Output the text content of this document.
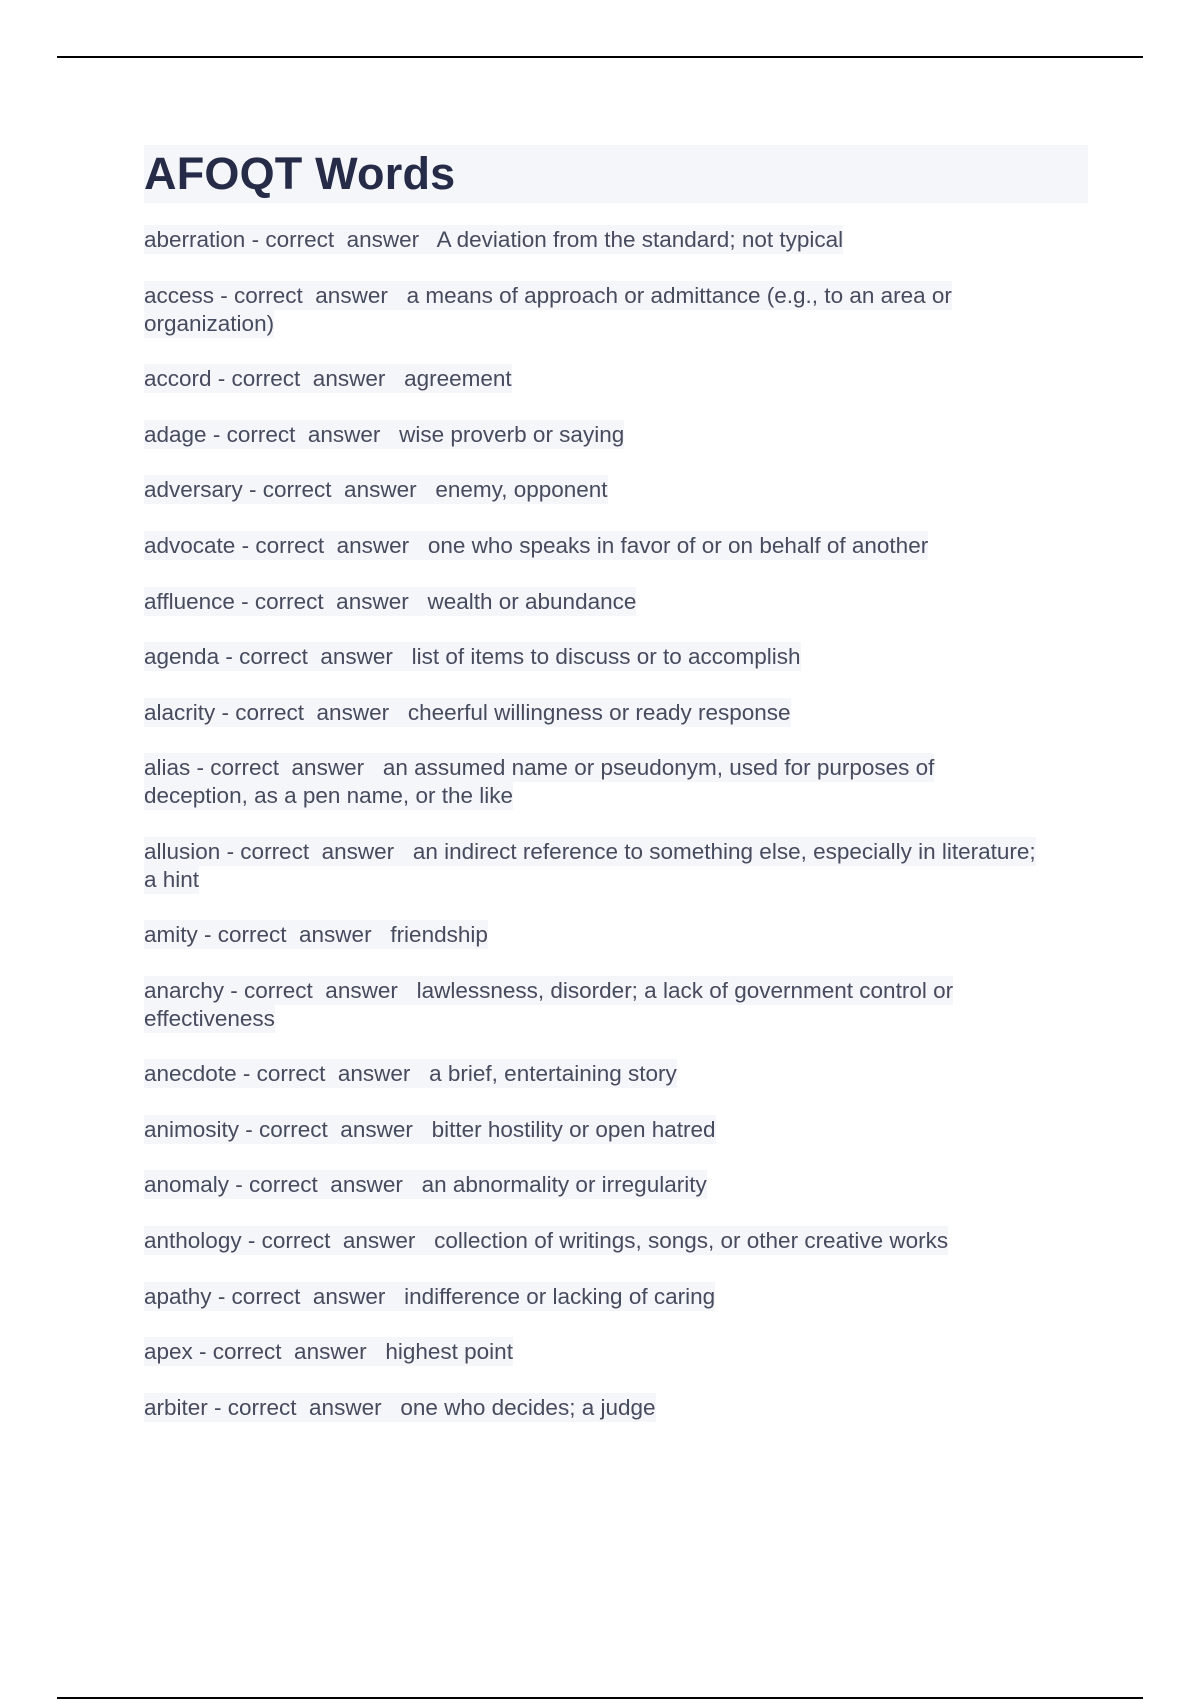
AFOQT Words

aberration - correct  answer   A deviation from the standard; not typical

access - correct  answer   a means of approach or admittance (e.g., to an area or organization)

accord - correct  answer   agreement

adage - correct  answer   wise proverb or saying

adversary - correct  answer   enemy, opponent

advocate - correct  answer   one who speaks in favor of or on behalf of another

affluence - correct  answer   wealth or abundance

agenda - correct  answer   list of items to discuss or to accomplish

alacrity - correct  answer   cheerful willingness or ready response

alias - correct  answer   an assumed name or pseudonym, used for purposes of deception, as a pen name, or the like

allusion - correct  answer   an indirect reference to something else, especially in literature; a hint

amity - correct  answer   friendship

anarchy - correct  answer   lawlessness, disorder; a lack of government control or effectiveness

anecdote - correct  answer   a brief, entertaining story

animosity - correct  answer   bitter hostility or open hatred

anomaly - correct  answer   an abnormality or irregularity

anthology - correct  answer   collection of writings, songs, or other creative works

apathy - correct  answer   indifference or lacking of caring

apex - correct  answer   highest point

arbiter - correct  answer   one who decides; a judge
